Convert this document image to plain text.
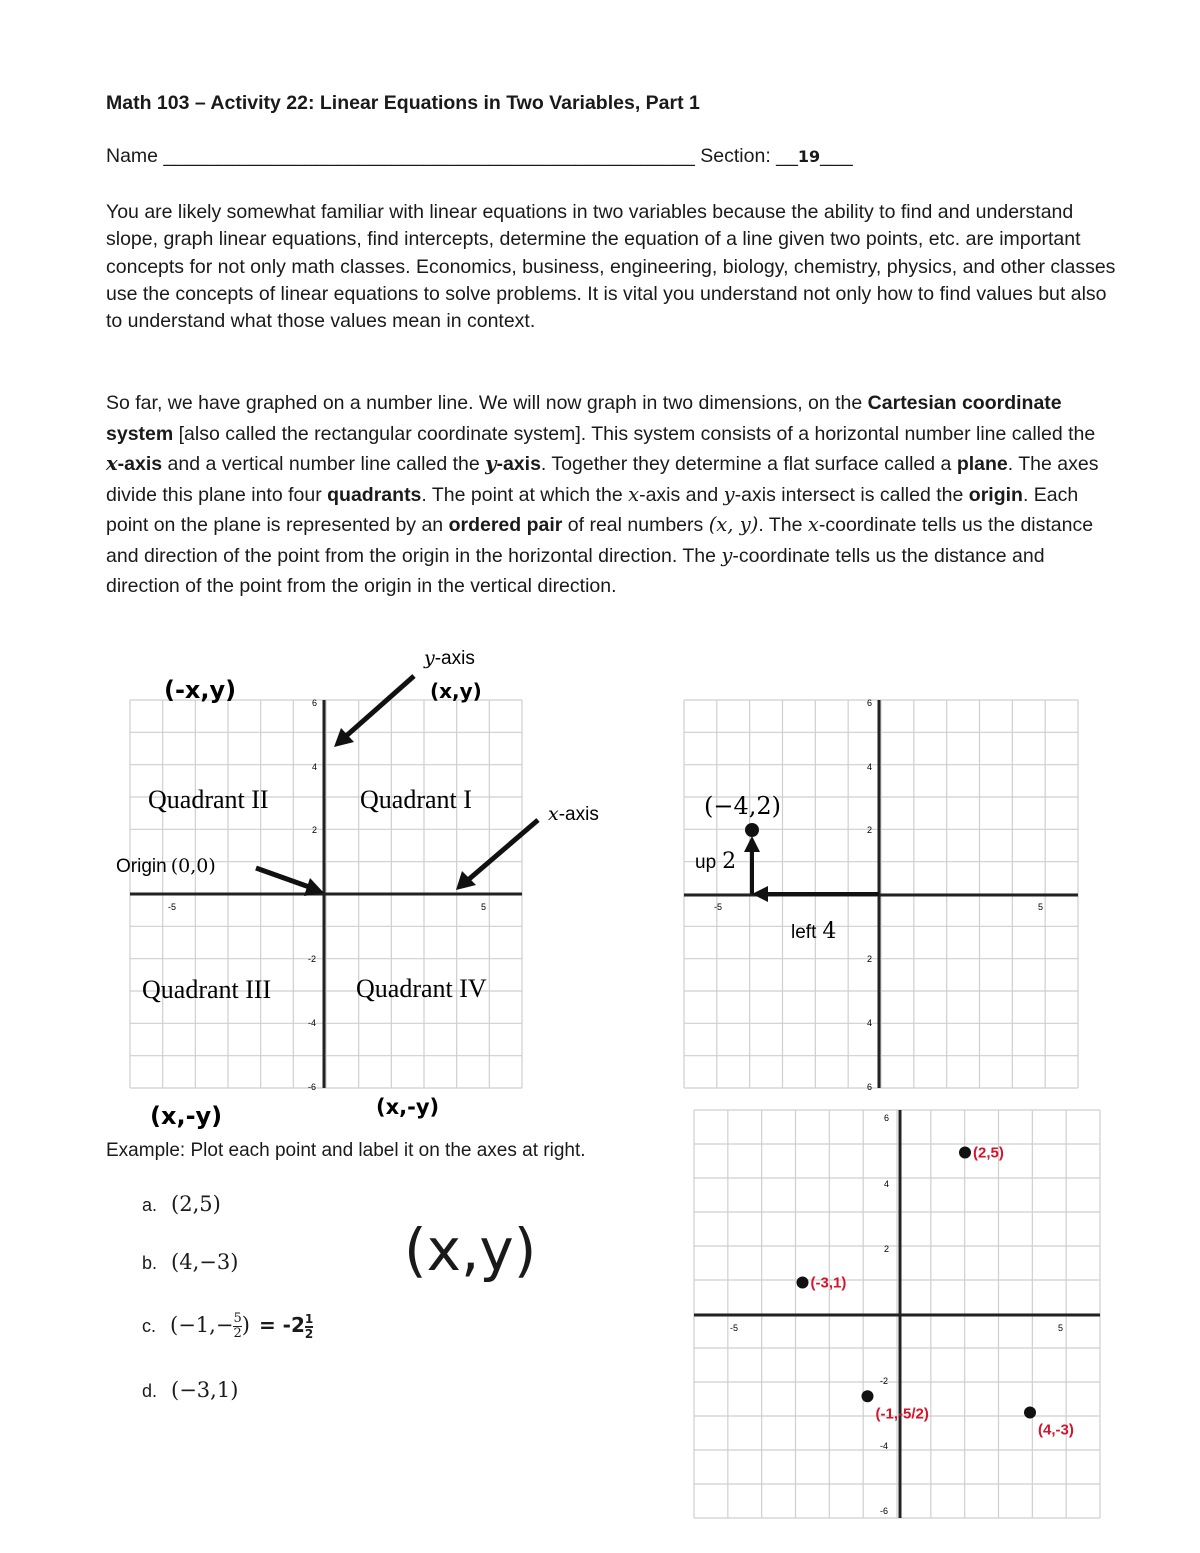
Math 103 – Activity 22: Linear Equations in Two Variables, Part 1
Name _________________________________________________ Section: __19___
You are likely somewhat familiar with linear equations in two variables because the ability to find and understand slope, graph linear equations, find intercepts, determine the equation of a line given two points, etc. are important concepts for not only math classes. Economics, business, engineering, biology, chemistry, physics, and other classes use the concepts of linear equations to solve problems. It is vital you understand not only how to find values but also to understand what those values mean in context.
So far, we have graphed on a number line. We will now graph in two dimensions, on the Cartesian coordinate system [also called the rectangular coordinate system]. This system consists of a horizontal number line called the x-axis and a vertical number line called the y-axis. Together they determine a flat surface called a plane. The axes divide this plane into four quadrants. The point at which the x-axis and y-axis intersect is called the origin. Each point on the plane is represented by an ordered pair of real numbers (x, y). The x-coordinate tells us the distance and direction of the point from the origin in the horizontal direction. The y-coordinate tells us the distance and direction of the point from the origin in the vertical direction.
-5	5
6
4
2
-2
-4
-6
Quadrant II	Quadrant I
Quadrant III	Quadrant IV
y-axis
x-axis
Origin (0,0)
(-x,y)	(x,y)
(x,-y)	(x,-y)
-5	5
6
4
2
2
4
6
(−4,2)
up 2
left 4
-5	5
6
4
2
-2
-4
-6
(2,5)
(4,-3)
(-1,-5/2)
(-3,1)
Example: Plot each point and label it on the axes at right.
a. (2,5)
b. (4,−3)
c. ($-1,- \frac{5}{2}$ ) = $-2 \frac{1}{2}$
d. (−3,1)
(x,y)
